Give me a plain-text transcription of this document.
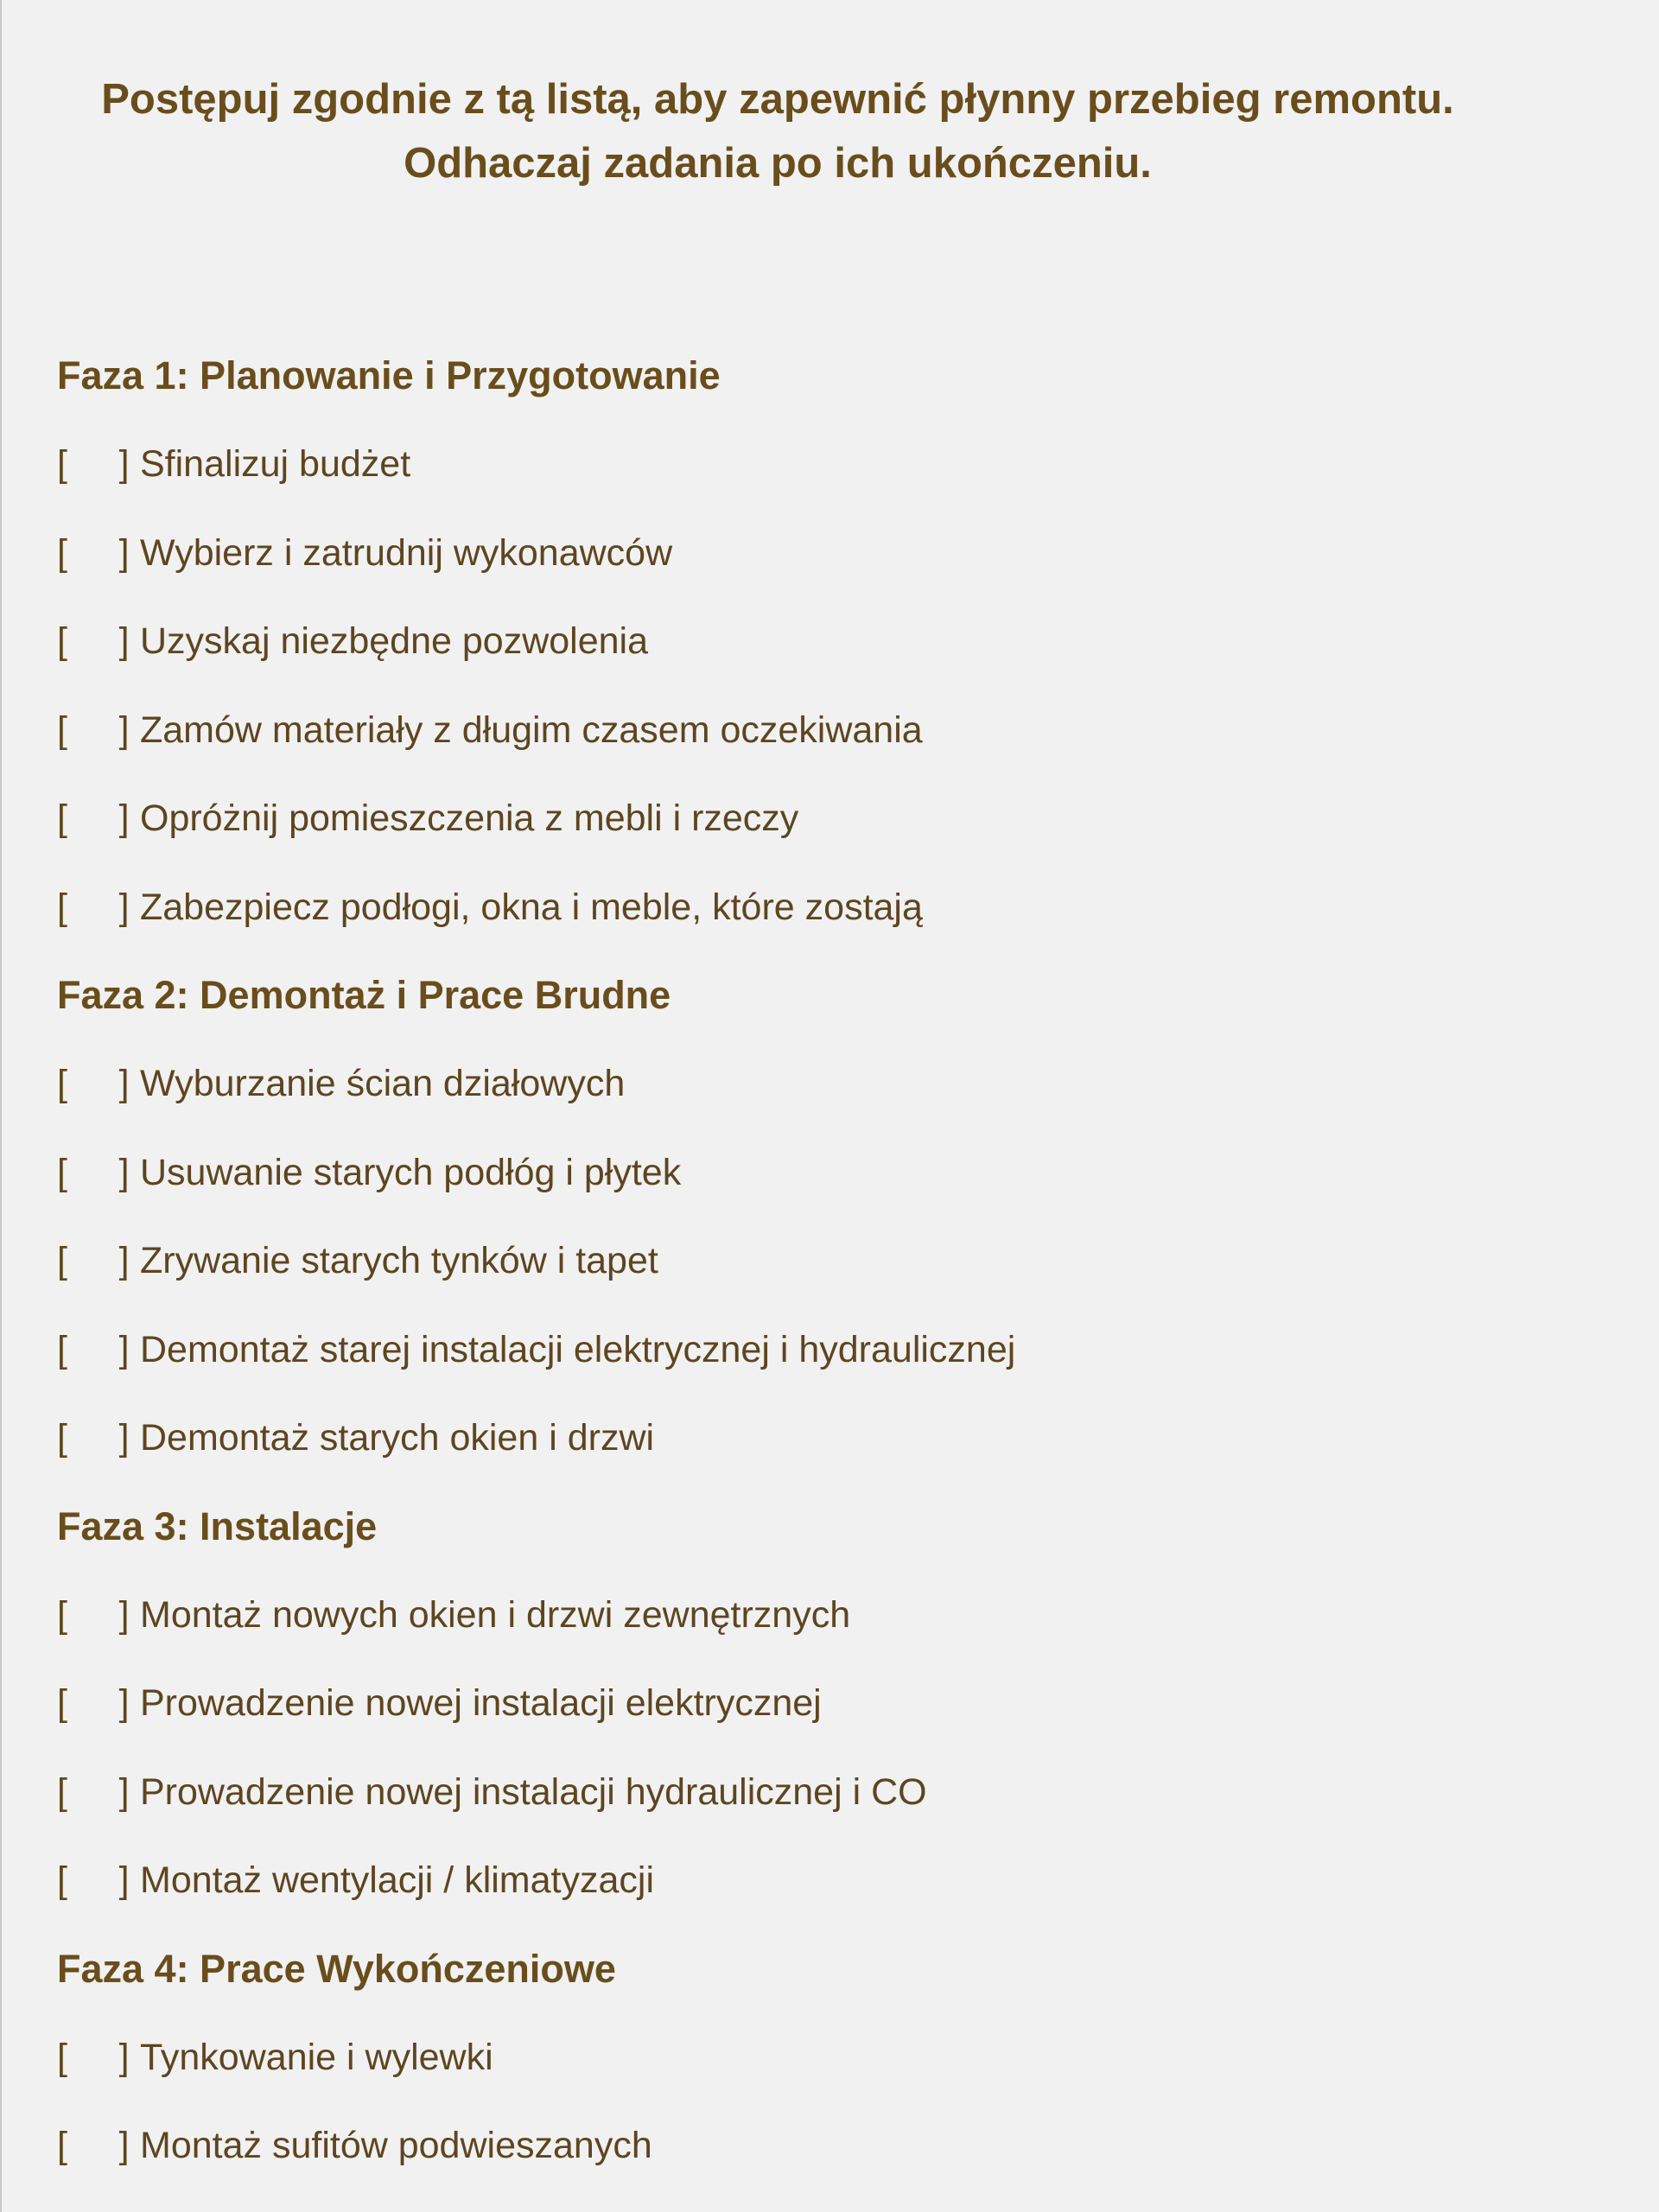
Postępuj zgodnie z tą listą, aby zapewnić płynny przebieg remontu.
Odhaczaj zadania po ich ukończeniu.
Faza 1: Planowanie i Przygotowanie
[     ] Sfinalizuj budżet
[     ] Wybierz i zatrudnij wykonawców
[     ] Uzyskaj niezbędne pozwolenia
[     ] Zamów materiały z długim czasem oczekiwania
[     ] Opróżnij pomieszczenia z mebli i rzeczy
[     ] Zabezpiecz podłogi, okna i meble, które zostają
Faza 2: Demontaż i Prace Brudne
[     ] Wyburzanie ścian działowych
[     ] Usuwanie starych podłóg i płytek
[     ] Zrywanie starych tynków i tapet
[     ] Demontaż starej instalacji elektrycznej i hydraulicznej
[     ] Demontaż starych okien i drzwi
Faza 3: Instalacje
[     ] Montaż nowych okien i drzwi zewnętrznych
[     ] Prowadzenie nowej instalacji elektrycznej
[     ] Prowadzenie nowej instalacji hydraulicznej i CO
[     ] Montaż wentylacji / klimatyzacji
Faza 4: Prace Wykończeniowe
[     ] Tynkowanie i wylewki
[     ] Montaż sufitów podwieszanych
